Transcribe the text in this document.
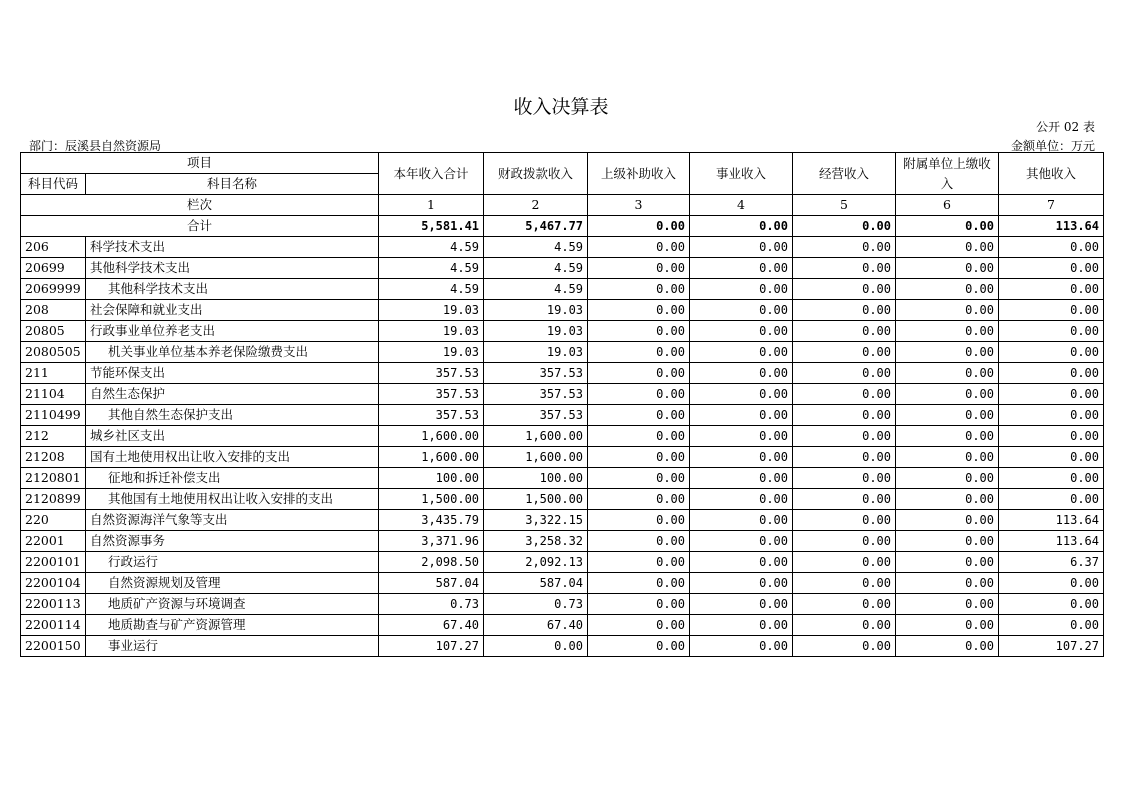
收入决算表
公开 02 表
部门：辰溪县自然资源局	金额单位：万元
项目		本年收入合计	财政拨款收入	上级补助收入	事业收入	经营收入	附属单位上缴收入	其他收入
科目代码	科目名称							
栏次		1	2	3	4	5	6	7
合计		5,581.41	5,467.77	0.00	0.00	0.00	0.00	113.64
206	科学技术支出	4.59	4.59	0.00	0.00	0.00	0.00	0.00
20699	其他科学技术支出	4.59	4.59	0.00	0.00	0.00	0.00	0.00
2069999	其他科学技术支出	4.59	4.59	0.00	0.00	0.00	0.00	0.00
208	社会保障和就业支出	19.03	19.03	0.00	0.00	0.00	0.00	0.00
20805	行政事业单位养老支出	19.03	19.03	0.00	0.00	0.00	0.00	0.00
2080505	机关事业单位基本养老保险缴费支出	19.03	19.03	0.00	0.00	0.00	0.00	0.00
211	节能环保支出	357.53	357.53	0.00	0.00	0.00	0.00	0.00
21104	自然生态保护	357.53	357.53	0.00	0.00	0.00	0.00	0.00
2110499	其他自然生态保护支出	357.53	357.53	0.00	0.00	0.00	0.00	0.00
212	城乡社区支出	1,600.00	1,600.00	0.00	0.00	0.00	0.00	0.00
21208	国有土地使用权出让收入安排的支出	1,600.00	1,600.00	0.00	0.00	0.00	0.00	0.00
2120801	征地和拆迁补偿支出	100.00	100.00	0.00	0.00	0.00	0.00	0.00
2120899	其他国有土地使用权出让收入安排的支出	1,500.00	1,500.00	0.00	0.00	0.00	0.00	0.00
220	自然资源海洋气象等支出	3,435.79	3,322.15	0.00	0.00	0.00	0.00	113.64
22001	自然资源事务	3,371.96	3,258.32	0.00	0.00	0.00	0.00	113.64
2200101	行政运行	2,098.50	2,092.13	0.00	0.00	0.00	0.00	6.37
2200104	自然资源规划及管理	587.04	587.04	0.00	0.00	0.00	0.00	0.00
2200113	地质矿产资源与环境调查	0.73	0.73	0.00	0.00	0.00	0.00	0.00
2200114	地质勘查与矿产资源管理	67.40	67.40	0.00	0.00	0.00	0.00	0.00
2200150	事业运行	107.27	0.00	0.00	0.00	0.00	0.00	107.27
